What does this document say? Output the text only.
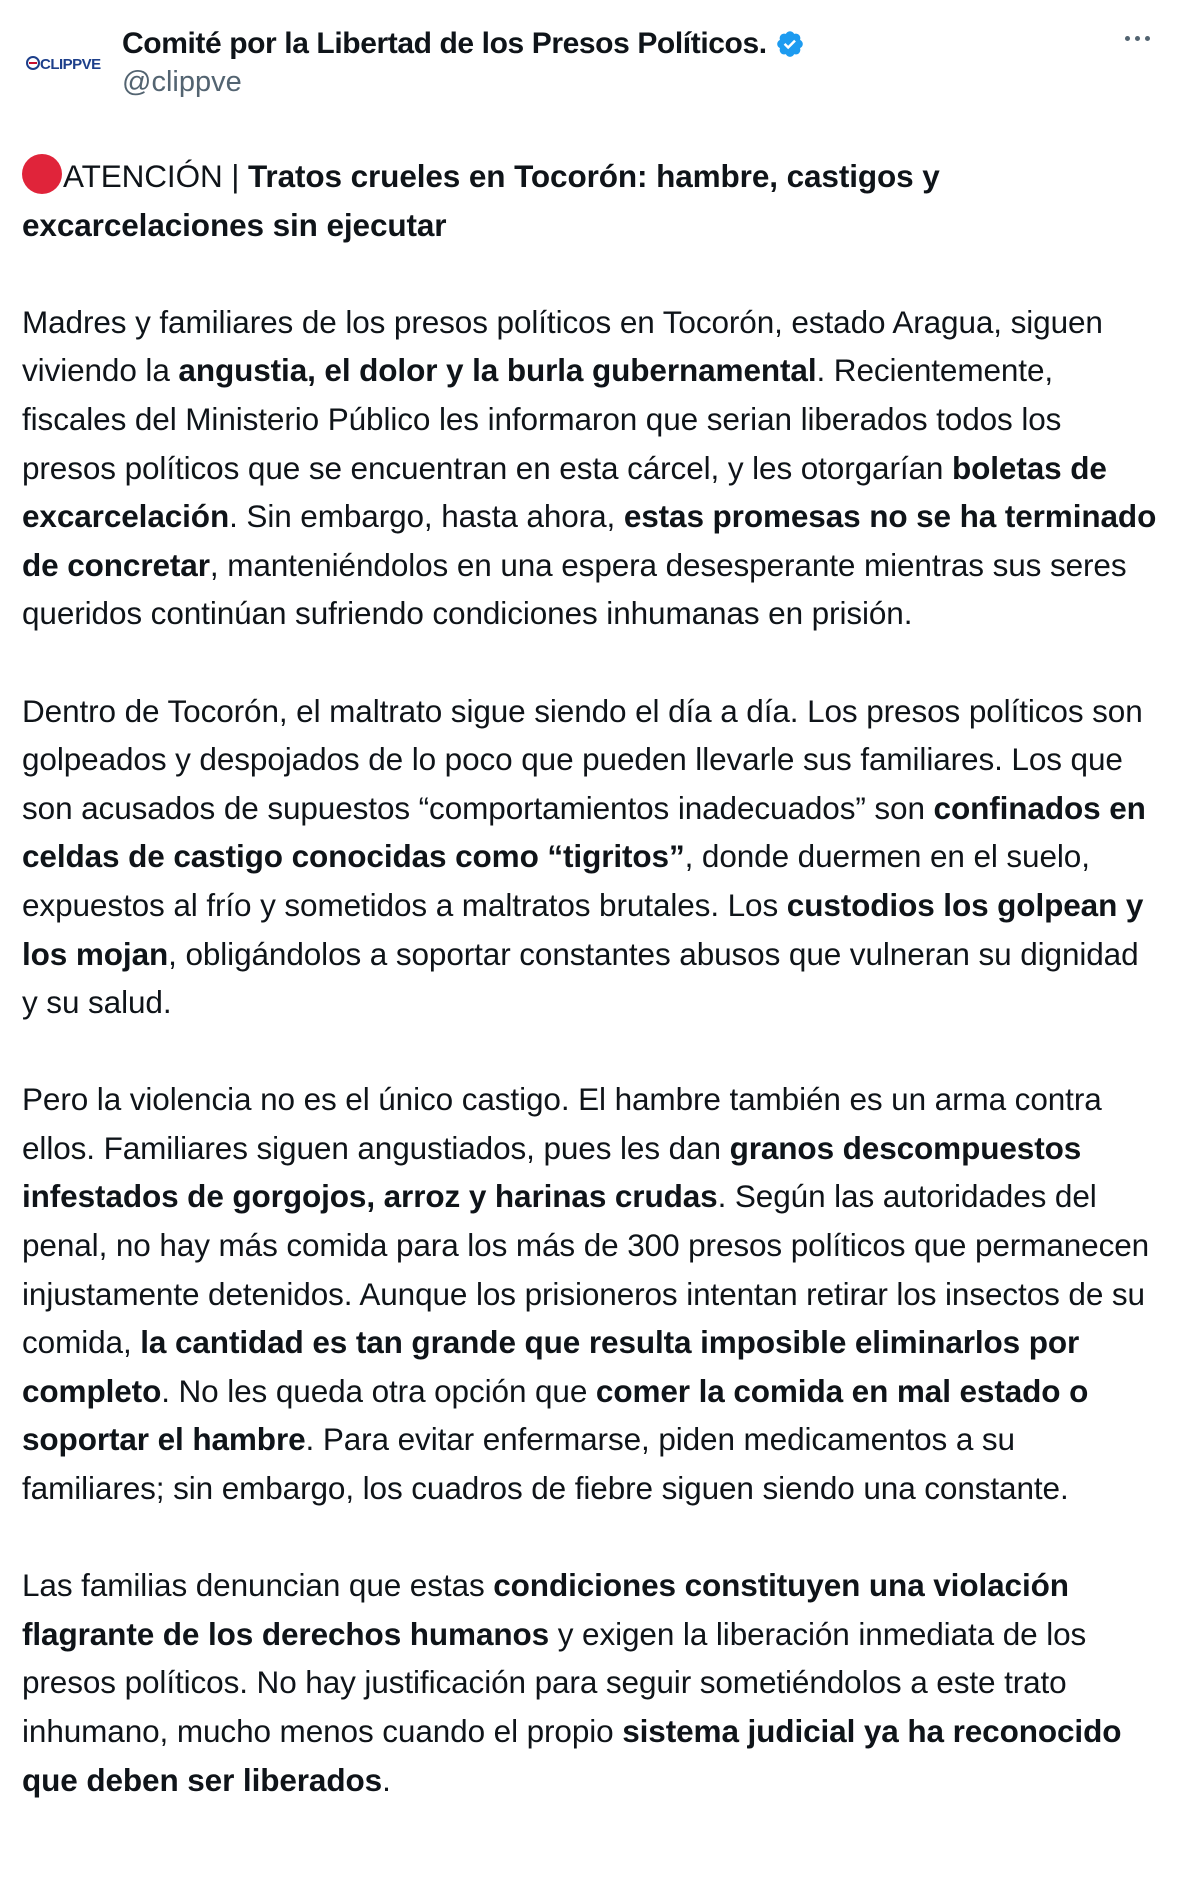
CLIPPVE
Comité por la Libertad de los Presos Políticos.
@clippve

ATENCIÓN | Tratos crueles en Tocorón: hambre, castigos y excarcelaciones sin ejecutar

Madres y familiares de los presos políticos en Tocorón, estado Aragua, siguen viviendo la angustia, el dolor y la burla gubernamental. Recientemente, fiscales del Ministerio Público les informaron que serian liberados todos los presos políticos que se encuentran en esta cárcel, y les otorgarían boletas de excarcelación. Sin embargo, hasta ahora, estas promesas no se ha terminado de concretar, manteniéndolos en una espera desesperante mientras sus seres queridos continúan sufriendo condiciones inhumanas en prisión.

Dentro de Tocorón, el maltrato sigue siendo el día a día. Los presos políticos son golpeados y despojados de lo poco que pueden llevarle sus familiares. Los que son acusados de supuestos “comportamientos inadecuados” son confinados en celdas de castigo conocidas como “tigritos”, donde duermen en el suelo, expuestos al frío y sometidos a maltratos brutales. Los custodios los golpean y los mojan, obligándolos a soportar constantes abusos que vulneran su dignidad y su salud.

Pero la violencia no es el único castigo. El hambre también es un arma contra ellos. Familiares siguen angustiados, pues les dan granos descompuestos infestados de gorgojos, arroz y harinas crudas. Según las autoridades del penal, no hay más comida para los más de 300 presos políticos que permanecen injustamente detenidos. Aunque los prisioneros intentan retirar los insectos de su comida, la cantidad es tan grande que resulta imposible eliminarlos por completo. No les queda otra opción que comer la comida en mal estado o soportar el hambre. Para evitar enfermarse, piden medicamentos a su familiares; sin embargo, los cuadros de fiebre siguen siendo una constante.

Las familias denuncian que estas condiciones constituyen una violación flagrante de los derechos humanos y exigen la liberación inmediata de los presos políticos. No hay justificación para seguir sometiéndolos a este trato inhumano, mucho menos cuando el propio sistema judicial ya ha reconocido que deben ser liberados.
